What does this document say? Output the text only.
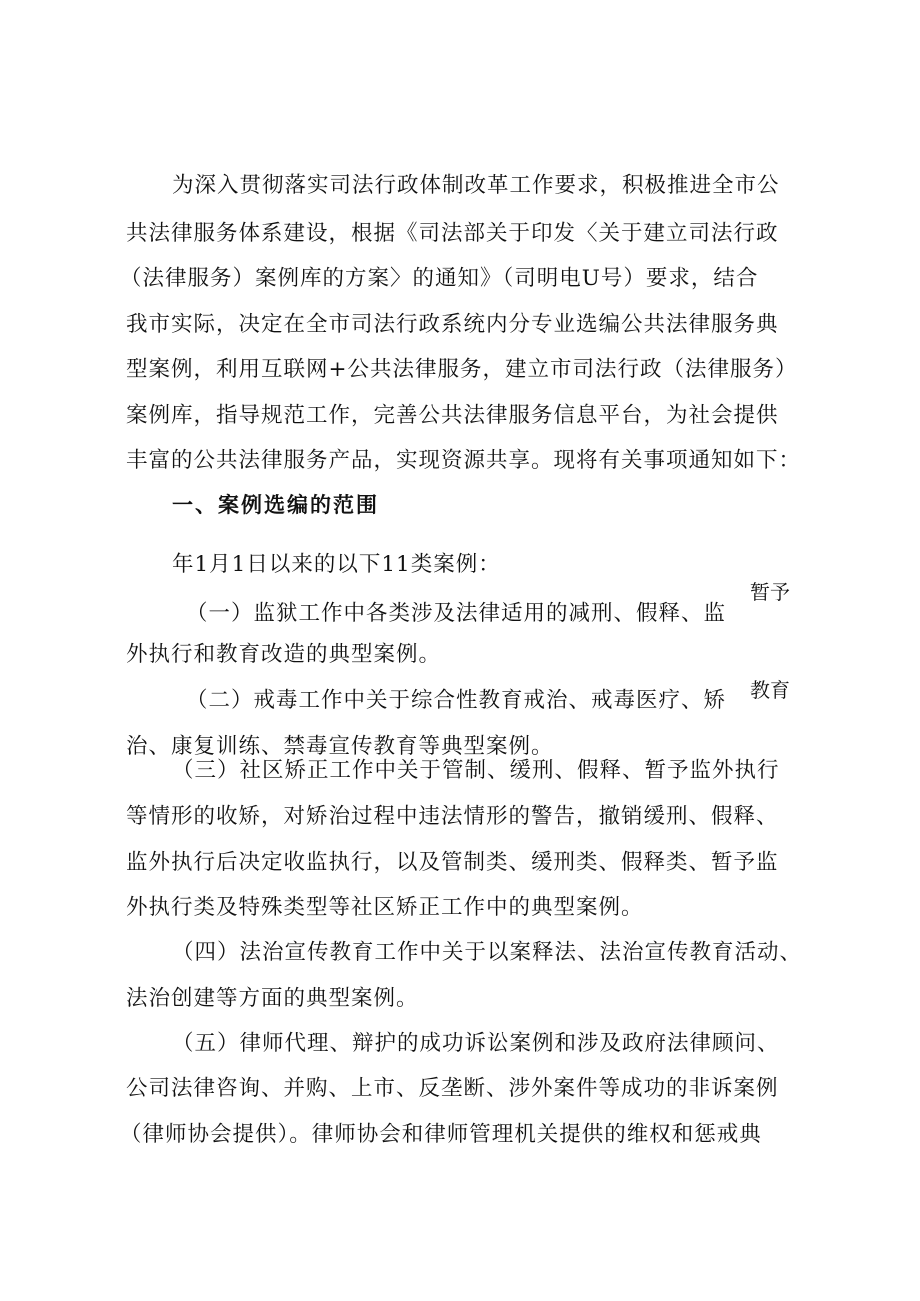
为深入贯彻落实司法行政体制改革工作要求，积极推进全市公
共法律服务体系建设，根据《司法部关于印发〈关于建立司法行政
（法律服务）案例库的方案〉的通知》（司明电U号）要求，结合
我市实际，决定在全市司法行政系统内分专业选编公共法律服务典
型案例，利用互联网+公共法律服务，建立市司法行政（法律服务）
案例库，指导规范工作，完善公共法律服务信息平台，为社会提供
丰富的公共法律服务产品，实现资源共享。现将有关事项通知如下：
一、案例选编的范围
年1月1日以来的以下11类案例：
（一）监狱工作中各类涉及法律适用的减刑、假释、监
暂予
外执行和教育改造的典型案例。
（二）戒毒工作中关于综合性教育戒治、戒毒医疗、矫 教育
治、康复训练、禁毒宣传教育等典型案例。
（三）社区矫正工作中关于管制、缓刑、假释、暂予监外执行
等情形的收矫，对矫治过程中违法情形的警告，撤销缓刑、假释、
监外执行后决定收监执行，以及管制类、缓刑类、假释类、暂予监
外执行类及特殊类型等社区矫正工作中的典型案例。
（四）法治宣传教育工作中关于以案释法、法治宣传教育活动、
法治创建等方面的典型案例。
（五）律师代理、辩护的成功诉讼案例和涉及政府法律顾问、
公司法律咨询、并购、上市、反垄断、涉外案件等成功的非诉案例
（律师协会提供）。律师协会和律师管理机关提供的维权和惩戒典
